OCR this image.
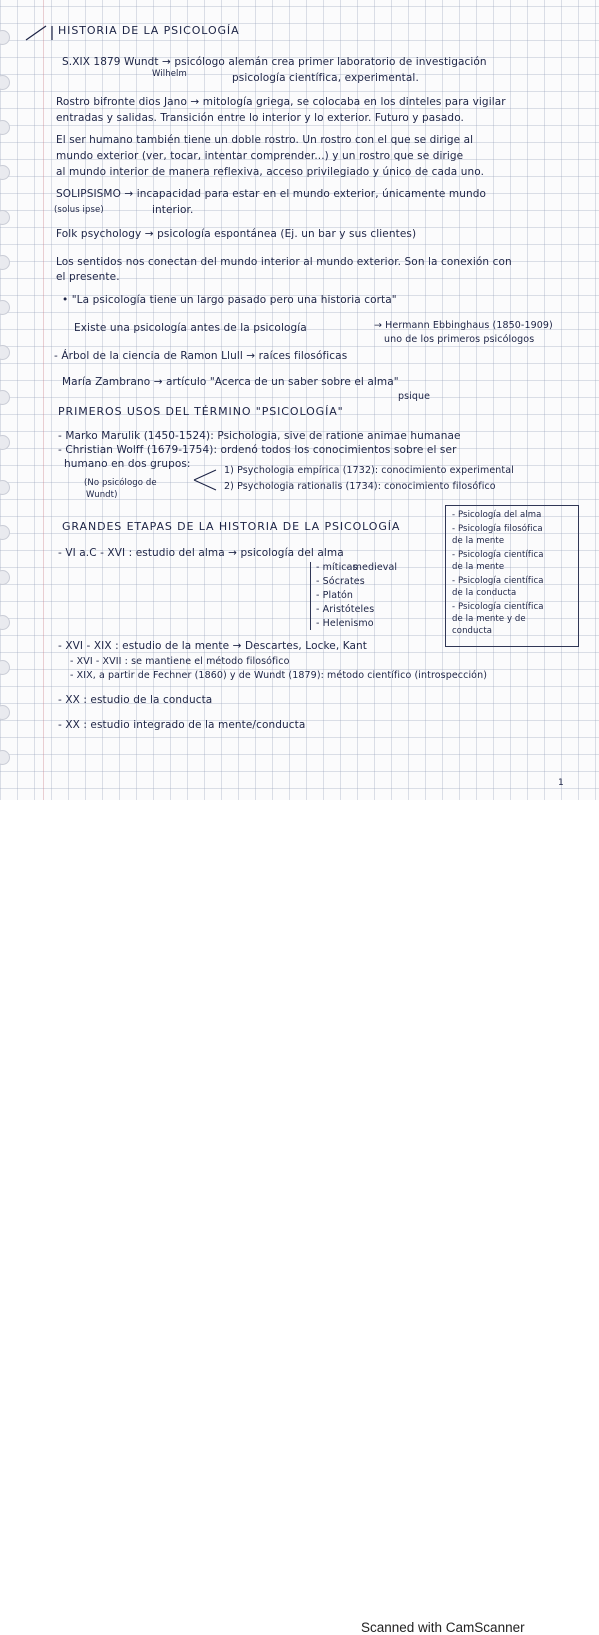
HISTORIA DE LA PSICOLOGÍA
S.XIX 1879 Wundt → psicólogo alemán crea primer laboratorio de investigación
Wilhelm	psicología científica, experimental.
Rostro bifronte dios Jano → mitología griega, se colocaba en los dinteles para vigilar
entradas y salidas. Transición entre lo interior y lo exterior. Futuro y pasado.
El ser humano también tiene un doble rostro. Un rostro con el que se dirige al
mundo exterior (ver, tocar, intentar comprender...) y un rostro que se dirige
al mundo interior de manera reflexiva, acceso privilegiado y único de cada uno.
SOLIPSISMO → incapacidad para estar en el mundo exterior, únicamente mundo
(solus ipse)	interior.
Folk psychology → psicología espontánea (Ej. un bar y sus clientes)
Los sentidos nos conectan del mundo interior al mundo exterior. Son la conexión con
el presente.
• "La psicología tiene un largo pasado pero una historia corta"
Existe una psicología antes de la psicología	→ Hermann Ebbinghaus (1850-1909)
uno de los primeros psicólogos
- Árbol de la ciencia de Ramon Llull → raíces filosóficas
María Zambrano → artículo "Acerca de un saber sobre el alma"
psique
PRIMEROS USOS DEL TÉRMINO "PSICOLOGÍA"
- Marko Marulik (1450-1524): Psichologia, sive de ratione animae humanae
- Christian Wolff (1679-1754): ordenó todos los conocimientos sobre el ser
humano en dos grupos:
(No psicólogo de
Wundt)
1) Psychologia empírica (1732): conocimiento experimental
2) Psychologia rationalis (1734): conocimiento filosófico
GRANDES ETAPAS DE LA HISTORIA DE LA PSICOLOGÍA
- VI a.C - XVI : estudio del alma → psicología del alma
- míticas
- medieval
- Sócrates
- Platón
- Aristóteles
- Helenismo
- Psicología del alma
- Psicología filosófica
de la mente
- Psicología científica
de la mente
- Psicología científica
de la conducta
- Psicología científica
de la mente y de
conducta
- XVI - XIX : estudio de la mente → Descartes, Locke, Kant
- XVI - XVII : se mantiene el método filosófico
- XIX, a partir de Fechner (1860) y de Wundt (1879): método científico (introspección)
- XX : estudio de la conducta
- XX : estudio integrado de la mente/conducta
1
Scanned with CamScanner
